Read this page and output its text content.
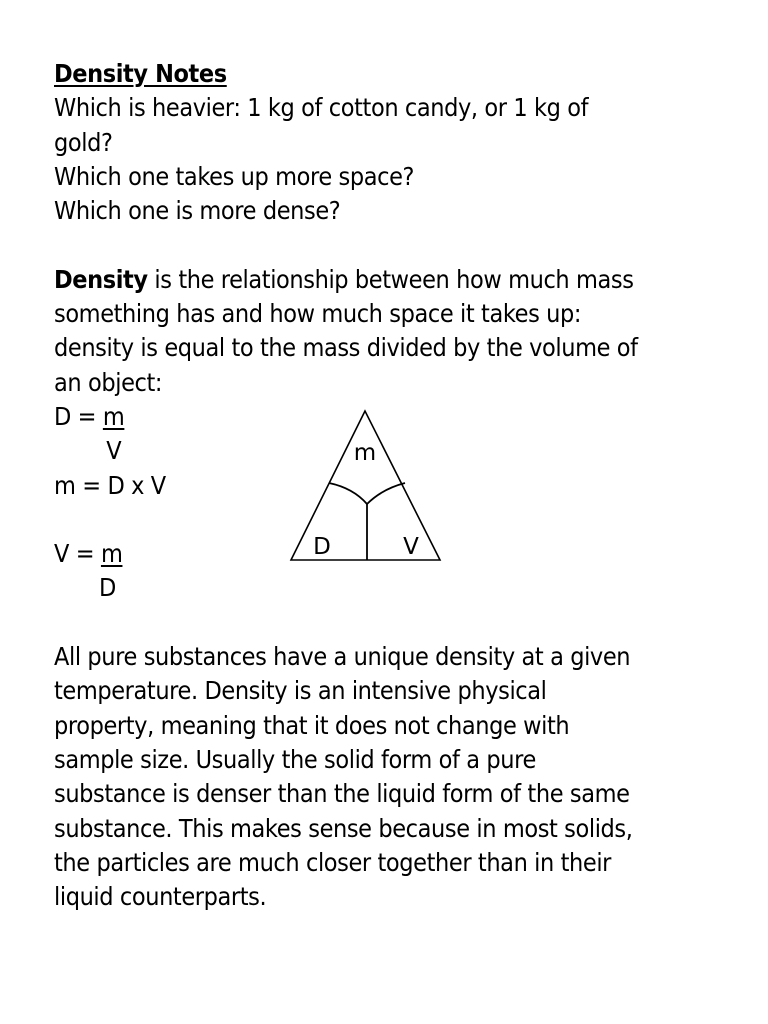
Density Notes
Which is heavier: 1 kg of cotton candy, or 1 kg of
gold?
Which one takes up more space?
Which one is more dense?
Density is the relationship between how much mass
something has and how much space it takes up:
density is equal to the mass divided by the volume of
an object:
D = m
V
m = D x V
V = m
D
All pure substances have a unique density at a given
temperature. Density is an intensive physical
property, meaning that it does not change with
sample size. Usually the solid form of a pure
substance is denser than the liquid form of the same
substance. This makes sense because in most solids,
the particles are much closer together than in their
liquid counterparts.
m
D	V
